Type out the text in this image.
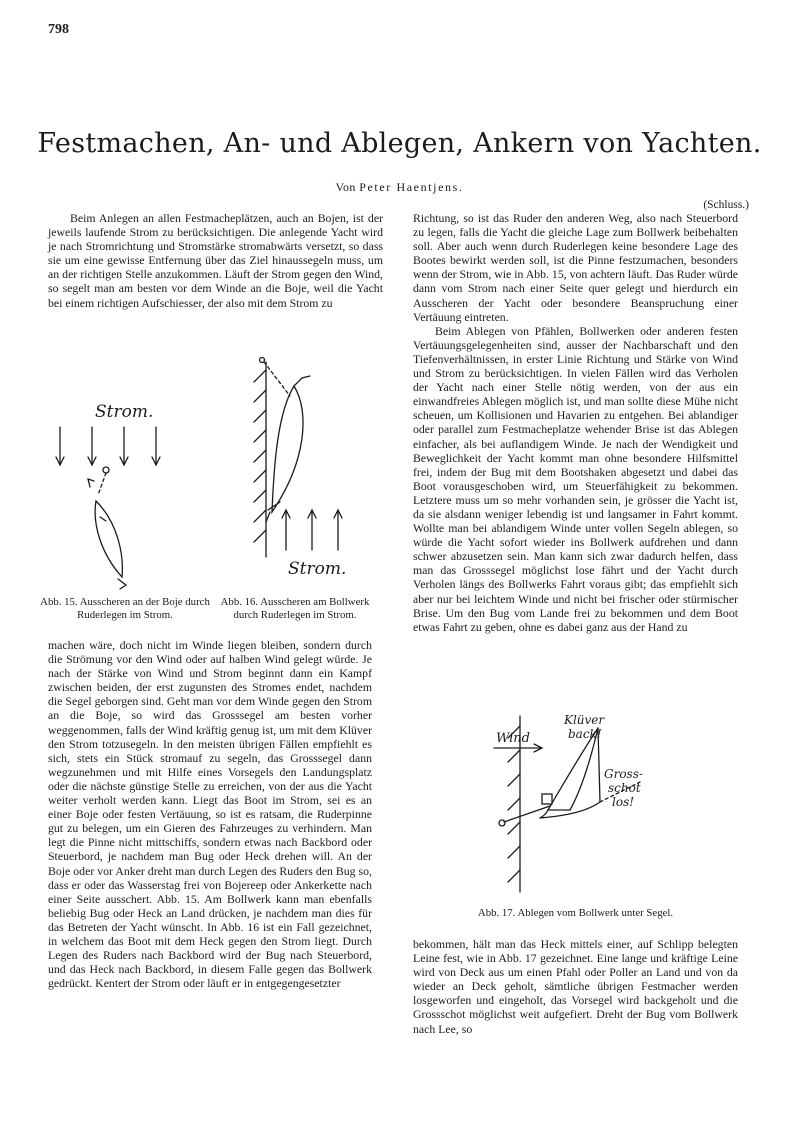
798
Festmachen, An- und Ablegen, Ankern von Yachten.
Von Peter Haentjens.
(Schluss.)

Beim Anlegen an allen Festmacheplätzen, auch an Bojen, ist der jeweils laufende Strom zu berücksichtigen. Die anlegende Yacht wird je nach Stromrichtung und Stromstärke stromabwärts versetzt, so dass sie um eine gewisse Entfernung über das Ziel hinaussegeln muss, um an der richtigen Stelle anzukommen. Läuft der Strom gegen den Wind, so segelt man am besten vor dem Winde an die Boje, weil die Yacht bei einem richtigen Aufschiesser, der also mit dem Strom zu

Richtung, so ist das Ruder den anderen Weg, also nach Steuerbord zu legen, falls die Yacht die gleiche Lage zum Bollwerk beibehalten soll. Aber auch wenn durch Ruderlegen keine besondere Lage des Bootes bewirkt werden soll, ist die Pinne festzumachen, besonders wenn der Strom, wie in Abb. 15, von achtern läuft. Das Ruder würde dann vom Strom nach einer Seite quer gelegt und hierdurch ein Ausscheren der Yacht oder besondere Beanspruchung einer Vertäuung eintreten.

Beim Ablegen von Pfählen, Bollwerken oder anderen festen Vertäuungsgelegenheiten sind, ausser der Nachbarschaft und den Tiefenverhältnissen, in erster Linie Richtung und Stärke von Wind und Strom zu berücksichtigen. In vielen Fällen wird das Verholen der Yacht nach einer Stelle nötig werden, von der aus ein einwandfreies Ablegen möglich ist, und man sollte diese Mühe nicht scheuen, um Kollisionen und Havarien zu entgehen. Bei ablandiger oder parallel zum Festmacheplatze wehender Brise ist das Ablegen einfacher, als bei auflandigem Winde. Je nach der Wendigkeit und Beweglichkeit der Yacht kommt man ohne besondere Hilfsmittel frei, indem der Bug mit dem Bootshaken abgesetzt und dabei das Boot vorausgeschoben wird, um Steuerfähigkeit zu bekommen. Letztere muss um so mehr vorhanden sein, je grösser die Yacht ist, da sie alsdann weniger lebendig ist und langsamer in Fahrt kommt. Wollte man bei ablandigem Winde unter vollen Segeln ablegen, so würde die Yacht sofort wieder ins Bollwerk aufdrehen und dann schwer abzusetzen sein. Man kann sich zwar dadurch helfen, dass man das Grosssegel möglichst lose fährt und der Yacht durch Verholen längs des Bollwerks Fahrt voraus gibt; das empfiehlt sich aber nur bei leichtem Winde und nicht bei frischer oder stürmischer Brise. Um den Bug vom Lande frei zu bekommen und dem Boot etwas Fahrt zu geben, ohne es dabei ganz aus der Hand zu

machen wäre, doch nicht im Winde liegen bleiben, sondern durch die Strömung vor den Wind oder auf halben Wind gelegt würde. Je nach der Stärke von Wind und Strom beginnt dann ein Kampf zwischen beiden, der erst zugunsten des Stromes endet, nachdem die Segel geborgen sind. Geht man vor dem Winde gegen den Strom an die Boje, so wird das Grosssegel am besten vorher weggenommen, falls der Wind kräftig genug ist, um mit dem Klüver den Strom totzusegeln. In den meisten übrigen Fällen empfiehlt es sich, stets ein Stück stromauf zu segeln, das Grosssegel dann wegzunehmen und mit Hilfe eines Vorsegels den Landungsplatz oder die nächste günstige Stelle zu erreichen, von der aus die Yacht weiter verholt werden kann. Liegt das Boot im Strom, sei es an einer Boje oder festen Vertäuung, so ist es ratsam, die Ruderpinne gut zu belegen, um ein Gieren des Fahrzeuges zu verhindern. Man legt die Pinne nicht mittschiffs, sondern etwas nach Backbord oder Steuerbord, je nachdem man Bug oder Heck drehen will. An der Boje oder vor Anker dreht man durch Legen des Ruders den Bug so, dass er oder das Wasserstag frei von Bojereep oder Ankerkette nach einer Seite ausschert. Abb. 15. Am Bollwerk kann man ebenfalls beliebig Bug oder Heck an Land drücken, je nachdem man dies für das Betreten der Yacht wünscht. In Abb. 16 ist ein Fall gezeichnet, in welchem das Boot mit dem Heck gegen den Strom liegt. Durch Legen des Ruders nach Backbord wird der Bug nach Steuerbord, und das Heck nach Backbord, in diesem Falle gegen das Bollwerk gedrückt. Kentert der Strom oder läuft er in entgegengesetzter

bekommen, hält man das Heck mittels einer, auf Schlipp belegten Leine fest, wie in Abb. 17 gezeichnet. Eine lange und kräftige Leine wird von Deck aus um einen Pfahl oder Poller an Land und von da wieder an Deck geholt, sämtliche übrigen Festmacher werden losgeworfen und eingeholt, das Vorsegel wird backgeholt und die Grossschot möglichst weit aufgefiert. Dreht der Bug vom Bollwerk nach Lee, so

Strom.
Abb. 15. Ausscheren an der Boje durch Ruderlegen im Strom.
Strom.
Abb. 16. Ausscheren am Bollwerk durch Ruderlegen im Strom.
Wind
Klüver
back!
Gross-
schot
los!
Abb. 17. Ablegen vom Bollwerk unter Segel.
